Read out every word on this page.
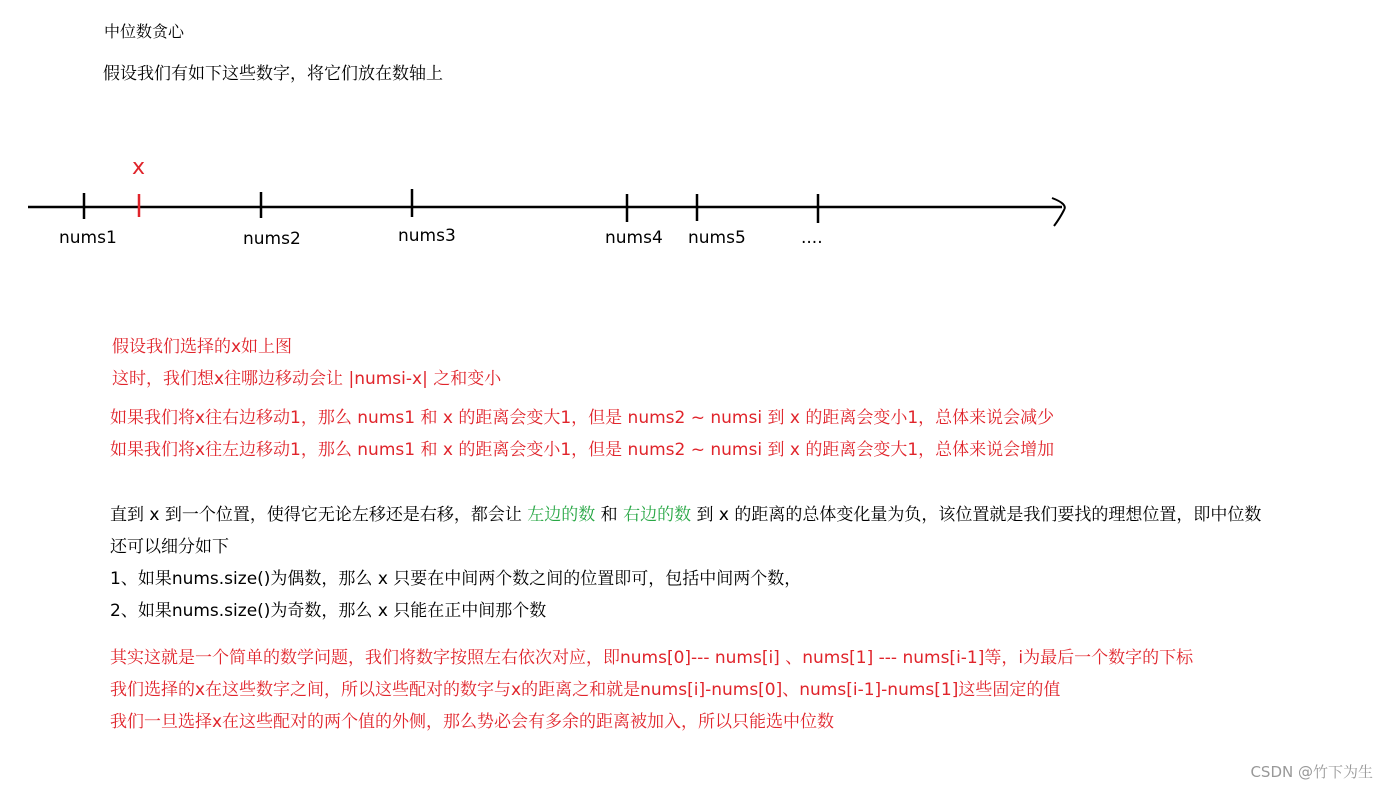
中位数贪心
假设我们有如下这些数字，将它们放在数轴上
x
nums1	nums2	nums3	nums4 nums5	....
假设我们选择的x如上图
这时，我们想x往哪边移动会让 |numsi-x| 之和变小
如果我们将x往右边移动1，那么 nums1 和 x 的距离会变大1，但是 nums2 ~ numsi 到 x 的距离会变小1，总体来说会减少
如果我们将x往左边移动1，那么 nums1 和 x 的距离会变小1，但是 nums2 ~ numsi 到 x 的距离会变大1，总体来说会增加
直到 x 到一个位置，使得它无论左移还是右移，都会让 左边的数 和 右边的数 到 x 的距离的总体变化量为负，该位置就是我们要找的理想位置，即中位数
还可以细分如下
1、如果nums.size()为偶数，那么 x 只要在中间两个数之间的位置即可，包括中间两个数，
2、如果nums.size()为奇数，那么 x 只能在正中间那个数
其实这就是一个简单的数学问题，我们将数字按照左右依次对应，即nums[0]--- nums[i] 、nums[1] --- nums[i-1]等，i为最后一个数字的下标
我们选择的x在这些数字之间，所以这些配对的数字与x的距离之和就是nums[i]-nums[0]、nums[i-1]-nums[1]这些固定的值
我们一旦选择x在这些配对的两个值的外侧，那么势必会有多余的距离被加入，所以只能选中位数
CSDN @竹下为生
